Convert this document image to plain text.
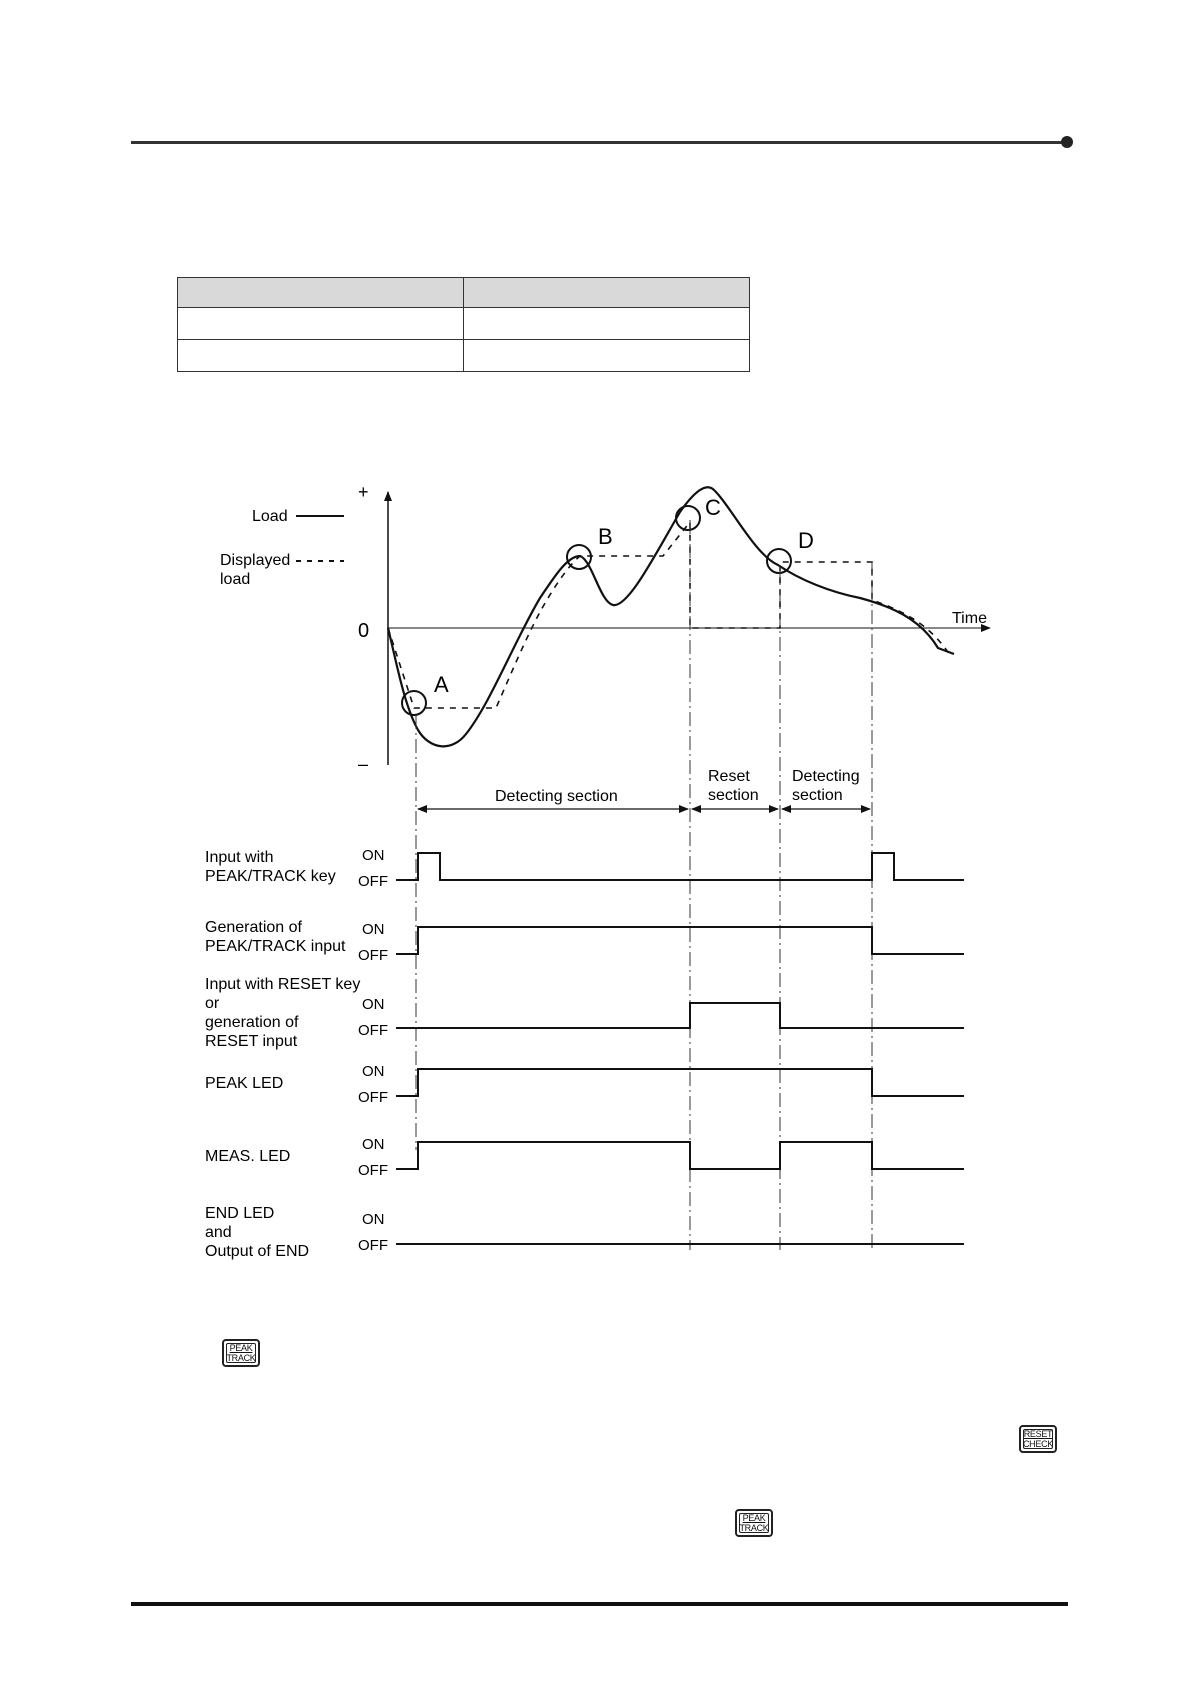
Load
Displayed
load
+
0
–
Time
A
B
C
D
Detecting section
Reset
section
Detecting
section
Input with
PEAK/TRACK key
Generation of
PEAK/TRACK input
Input with RESET key
or
generation of
RESET input
PEAK LED
MEAS. LED
END LED
and
Output of END
ON
OFF
ON
OFF
ON
OFF
ON
OFF
ON
OFF
ON
OFF
PEAK
TRACK
RESET
CHECK
PEAK
TRACK
